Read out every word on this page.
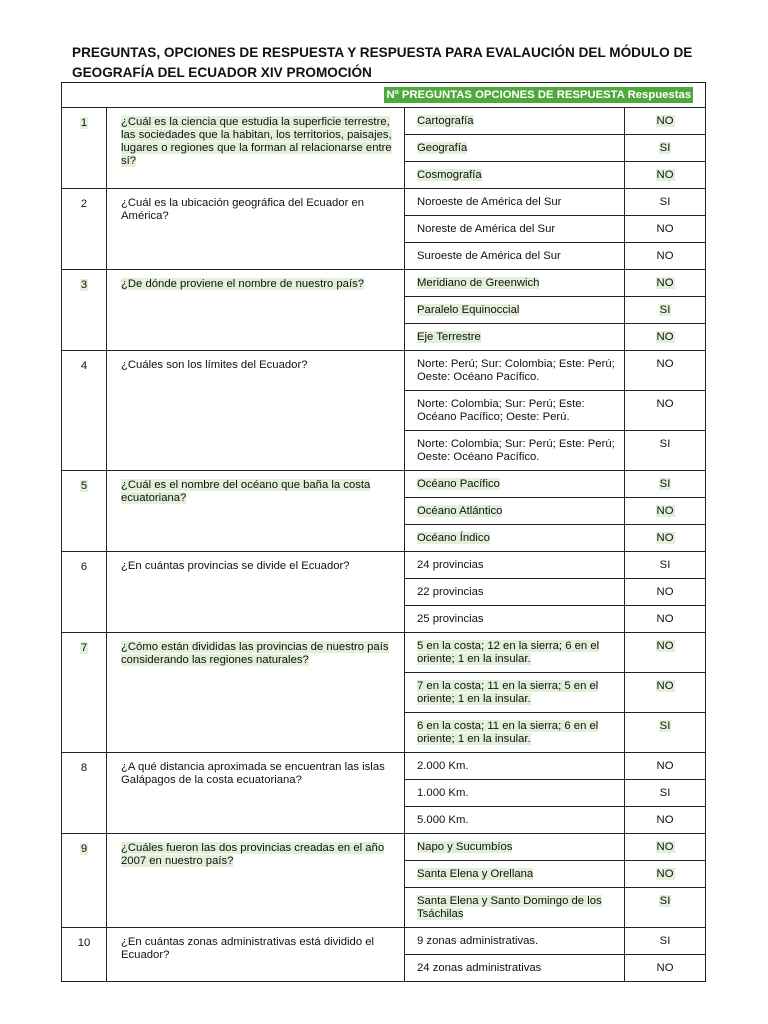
PREGUNTAS, OPCIONES DE RESPUESTA Y RESPUESTA PARA EVALAUCIÓN DEL MÓDULO DE
GEOGRAFÍA DEL ECUADOR XIV PROMOCIÓN
Nº PREGUNTAS OPCIONES DE RESPUESTA Respuestas			
1	¿Cuál es la ciencia que estudia la superficie terrestre, las sociedades que la habitan, los territorios, paisajes, lugares o regiones que la forman al relacionarse entre sí?	Cartografía	NO
		Geografía	SI
		Cosmografía	NO
2	¿Cuál es la ubicación geográfica del Ecuador en América?	Noroeste de América del Sur	SI
		Noreste de América del Sur	NO
		Suroeste de América del Sur	NO
3	¿De dónde proviene el nombre de nuestro país?	Meridiano de Greenwich	NO
		Paralelo Equinoccial	SI
		Eje Terrestre	NO
4	¿Cuáles son los límites del Ecuador?	Norte: Perú; Sur: Colombia; Este: Perú; Oeste: Océano Pacífico.	NO
		Norte: Colombia; Sur: Perú; Este: Océano Pacífico; Oeste: Perú.	NO
		Norte: Colombia; Sur: Perú; Este: Perú; Oeste: Océano Pacífico.	SI
5	¿Cuál es el nombre del océano que baña la costa ecuatoriana?	Océano Pacífico	SI
		Océano Atlántico	NO
		Océano Índico	NO
6	¿En cuántas provincias se divide el Ecuador?	24 provincias	SI
		22 provincias	NO
		25 provincias	NO
7	¿Cómo están divididas las provincias de nuestro país considerando las regiones naturales?	5 en la costa; 12 en la sierra; 6 en el oriente; 1 en la insular.	NO
		7 en la costa; 11 en la sierra; 5 en el oriente; 1 en la insular.	NO
		6 en la costa; 11 en la sierra; 6 en el oriente; 1 en la insular.	SI
8	¿A qué distancia aproximada se encuentran las islas Galápagos de la costa ecuatoriana?	2.000 Km.	NO
		1.000 Km.	SI
		5.000 Km.	NO
9	¿Cuáles fueron las dos provincias creadas en el año 2007 en nuestro país?	Napo y Sucumbíos	NO
		Santa Elena y Orellana	NO
		Santa Elena y Santo Domingo de los Tsáchilas	SI
10	¿En cuántas zonas administrativas está dividido el Ecuador?	9 zonas administrativas.	SI
		24 zonas administrativas	NO
